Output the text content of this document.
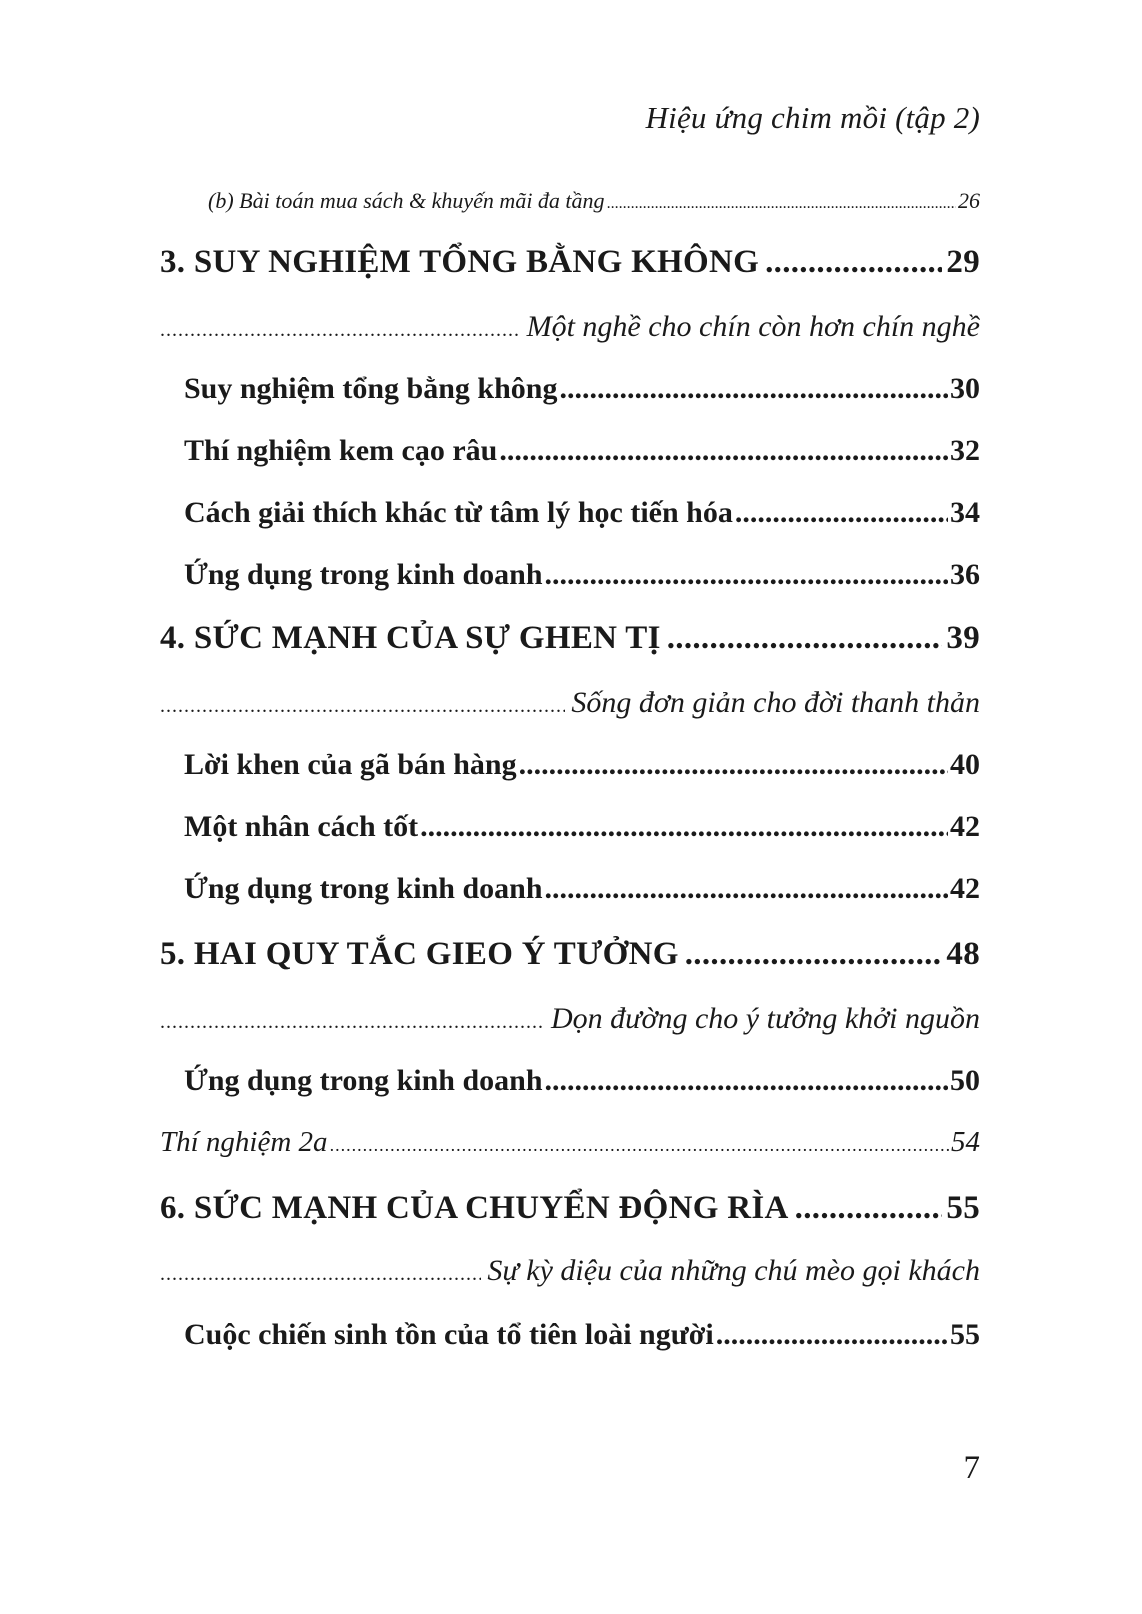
Hiệu ứng chim mồi (tập 2)
(b) Bài toán mua sách & khuyến mãi đa tầng .....	26
3. SUY NGHIỆM TỔNG BẰNG KHÔNG .....	29
.....
Một nghề cho chín còn hơn chín nghề
Suy nghiệm tổng bằng không .....	30
Thí nghiệm kem cạo râu .....	32
Cách giải thích khác từ tâm lý học tiến hóa .....	34
Ứng dụng trong kinh doanh .....	36
4. SỨC MẠNH CỦA SỰ GHEN TỊ .....	39
.....
Sống đơn giản cho đời thanh thản
Lời khen của gã bán hàng .....	40
Một nhân cách tốt .....	42
Ứng dụng trong kinh doanh .....	42
5. HAI QUY TẮC GIEO Ý TƯỞNG .....	48
.....
Dọn đường cho ý tưởng khởi nguồn
Ứng dụng trong kinh doanh .....	50
Thí nghiệm 2a .....	54
6. SỨC MẠNH CỦA CHUYỂN ĐỘNG RÌA .....	55
.....
Sự kỳ diệu của những chú mèo gọi khách
Cuộc chiến sinh tồn của tổ tiên loài người .....	55
7
